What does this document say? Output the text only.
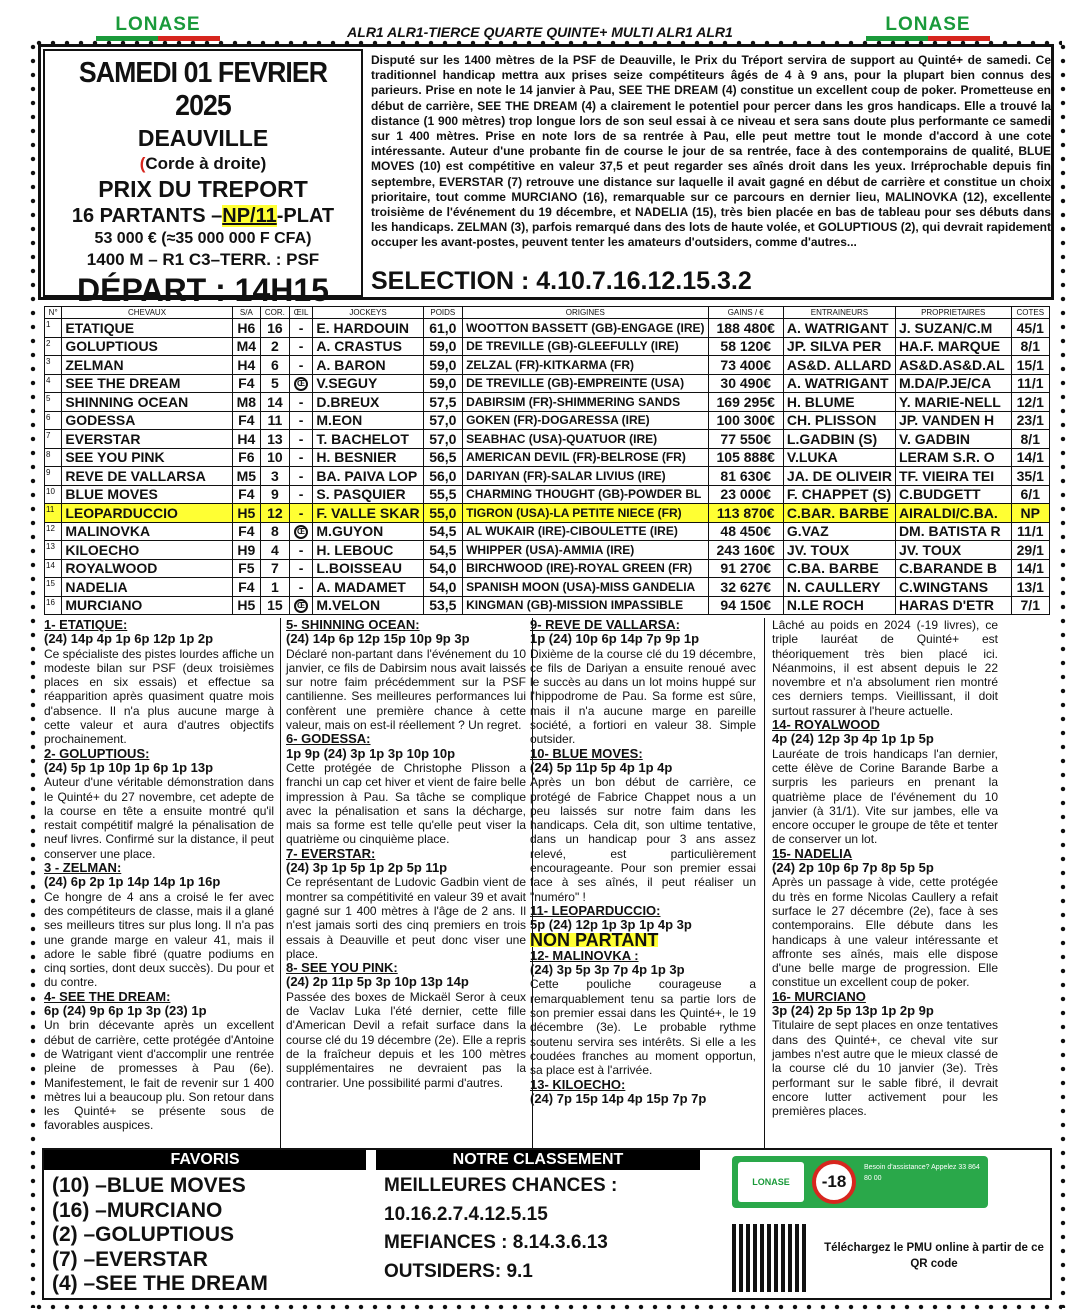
LONASE	LONASE
ALR1 ALR1-TIERCE QUARTE QUINTE+ MULTI ALR1 ALR1
SAMEDI 01 FEVRIER 2025
DEAUVILLE
(Corde à droite)
PRIX DU TREPORT
16 PARTANTS –NP/11-PLAT
53 000 € (≈35 000 000 F CFA)
1400 M – R1 C3–TERR. : PSF
DÉPART : 14H15
Disputé sur les 1400 mètres de la PSF de Deauville, le Prix du Tréport servira de support au Quinté+ de samedi. Ce traditionnel handicap mettra aux prises seize compétiteurs âgés de 4 à 9 ans, pour la plupart bien connus des parieurs. Prise en note le 14 janvier à Pau, SEE THE DREAM (4) constitue un excellent coup de poker. Prometteuse en début de carrière, SEE THE DREAM (4) a clairement le potentiel pour percer dans les gros handicaps. Elle a trouvé la distance (1 900 mètres) trop longue lors de son seul essai à ce niveau et sera sans doute plus performante ce samedi sur 1 400 mètres. Prise en note lors de sa rentrée à Pau, elle peut mettre tout le monde d'accord à une cote intéressante. Auteur d'une probante fin de course le jour de sa rentrée, face à des contemporains de qualité, BLUE MOVES (10) est compétitive en valeur 37,5 et peut regarder ses aînés droit dans les yeux. Irréprochable depuis fin septembre, EVERSTAR (7) retrouve une distance sur laquelle il avait gagné en début de carrière et constitue un choix prioritaire, tout comme MURCIANO (16), remarquable sur ce parcours en dernier lieu, MALINOVKA (12), excellente troisième de l'événement du 19 décembre, et NADELIA (15), très bien placée en bas de tableau pour ses débuts dans les handicaps. ZELMAN (3), parfois remarqué dans des lots de haute volée, et GOLUPTIOUS (2), qui devrait rapidement occuper les avant-postes, peuvent tenter les amateurs d'outsiders, comme d'autres...
SELECTION : 4.10.7.16.12.15.3.2
N°	CHEVAUX	S/A	COR.	ŒIL	JOCKEYS	POIDS	ORIGINES	GAINS / €	ENTRAINEURS	PROPRIETAIRES	COTES
1	ETATIQUE	H6	16	-	E. HARDOUIN	61,0	WOOTTON BASSETT (GB)-ENGAGE (IRE)	188 480€	A. WATRIGANT	J. SUZAN/C.M	45/1
2	GOLUPTIOUS	M4	2	-	A. CRASTUS	59,0	DE TREVILLE (GB)-GLEEFULLY (IRE)	58 120€	JP. SILVA PER	HA.F. MARQUE	8/1
3	ZELMAN	H4	6	-	A. BARON	59,0	ZELZAL (FR)-KITKARMA (FR)	73 400€	AS&D. ALLARD	AS&D.AS&D.AL	15/1
4	SEE THE DREAM	F4	5	Œ	V.SEGUY	59,0	DE TREVILLE (GB)-EMPREINTE (USA)	30 490€	A. WATRIGANT	M.DA/P.JE/CA	11/1
5	SHINNING OCEAN	M8	14	-	D.BREUX	57,5	DABIRSIM (FR)-SHIMMERING SANDS	169 295€	H. BLUME	Y. MARIE-NELL	12/1
6	GODESSA	F4	11	-	M.EON	57,0	GOKEN (FR)-DOGARESSA (IRE)	100 300€	CH. PLISSON	JP. VANDEN H	23/1
7	EVERSTAR	H4	13	-	T. BACHELOT	57,0	SEABHAC (USA)-QUATUOR (IRE)	77 550€	L.GADBIN (S)	V. GADBIN	8/1
8	SEE YOU PINK	F6	10	-	H. BESNIER	56,5	AMERICAN DEVIL (FR)-BELROSE (FR)	105 888€	V.LUKA	LERAM S.R. O	14/1
9	REVE DE VALLARSA	M5	3	-	BA. PAIVA LOP	56,0	DARIYAN (FR)-SALAR LIVIUS (IRE)	81 630€	JA. DE OLIVEIR	TF. VIEIRA TEI	35/1
10	BLUE MOVES	F4	9	-	S. PASQUIER	55,5	CHARMING THOUGHT (GB)-POWDER BL	23 000€	F. CHAPPET (S)	C.BUDGETT	6/1
11	LEOPARDUCCIO	H5	12	-	F. VALLE SKAR	55,0	TIGRON (USA)-LA PETITE NIECE (FR)	113 870€	C.BAR. BARBE	AIRALDI/C.BA.	NP
12	MALINOVKA	F4	8	Œ	M.GUYON	54,5	AL WUKAIR (IRE)-CIBOULETTE (IRE)	48 450€	G.VAZ	DM. BATISTA R	11/1
13	KILOECHO	H9	4	-	H. LEBOUC	54,5	WHIPPER (USA)-AMMIA (IRE)	243 160€	JV. TOUX	JV. TOUX	29/1
14	ROYALWOOD	F5	7	-	L.BOISSEAU	54,0	BIRCHWOOD (IRE)-ROYAL GREEN (FR)	91 270€	C.BA. BARBE	C.BARANDE B	14/1
15	NADELIA	F4	1	-	A. MADAMET	54,0	SPANISH MOON (USA)-MISS GANDELIA	32 627€	N. CAULLERY	C.WINGTANS	13/1
16	MURCIANO	H5	15	Œ	M.VELON	53,5	KINGMAN (GB)-MISSION IMPASSIBLE	94 150€	N.LE ROCH	HARAS D'ETR	7/1
1- ETATIQUE:
(24) 14p 4p 1p 6p 12p 1p 2p

Ce spécialiste des pistes lourdes affiche un modeste bilan sur PSF (deux troisièmes places en six essais) et effectue sa réapparition après quasiment quatre mois d'absence. Il n'a plus aucune marge à cette valeur et aura d'autres objectifs prochainement.

2- GOLUPTIOUS:
(24) 5p 1p 10p 1p 6p 1p 13p

Auteur d'une véritable démonstration dans le Quinté+ du 27 novembre, cet adepte de la course en tête a ensuite montré qu'il restait compétitif malgré la pénalisation de neuf livres. Confirmé sur la distance, il peut conserver une place.

3 - ZELMAN:
(24) 6p 2p 1p 14p 14p 1p 16p

Ce hongre de 4 ans a croisé le fer avec des compétiteurs de classe, mais il a glané ses meilleurs titres sur plus long. Il n'a pas une grande marge en valeur 41, mais il adore le sable fibré (quatre podiums en cinq sorties, dont deux succès). Du pour et du contre.

4- SEE THE DREAM:
6p (24) 9p 6p 1p 3p (23) 1p

Un brin décevante après un excellent début de carrière, cette protégée d'Antoine de Watrigant vient d'accomplir une rentrée pleine de promesses à Pau (6e). Manifestement, le fait de revenir sur 1 400 mètres lui a beaucoup plu. Son retour dans les Quinté+ se présente sous de favorables auspices.

5- SHINNING OCEAN:
(24) 14p 6p 12p 15p 10p 9p 3p

Déclaré non-partant dans l'événement du 10 janvier, ce fils de Dabirsim nous avait laissés sur notre faim précédemment sur la PSF cantilienne. Ses meilleures performances lui confèrent une première chance à cette valeur, mais on est-il réellement ? Un regret.

6- GODESSA:
1p 9p (24) 3p 1p 3p 10p 10p

Cette protégée de Christophe Plisson a franchi un cap cet hiver et vient de faire belle impression à Pau. Sa tâche se complique avec la pénalisation et sans la décharge, mais sa forme est telle qu'elle peut viser la quatrième ou cinquième place.

7- EVERSTAR:
(24) 3p 1p 5p 1p 2p 5p 11p

Ce représentant de Ludovic Gadbin vient de montrer sa compétitivité en valeur 39 et avait gagné sur 1 400 mètres à l'âge de 2 ans. Il n'est jamais sorti des cinq premiers en trois essais à Deauville et peut donc viser une place.

8- SEE YOU PINK:
(24) 2p 11p 5p 3p 10p 13p 14p

Passée des boxes de Mickaël Seror à ceux de Vaclav Luka l'été dernier, cette fille d'American Devil a refait surface dans la course clé du 19 décembre (2e). Elle a repris de la fraîcheur depuis et les 100 mètres supplémentaires ne devraient pas la contrarier. Une possibilité parmi d'autres.

9- REVE DE VALLARSA:
1p (24) 10p 6p 14p 7p 9p 1p

Dixième de la course clé du 19 décembre, ce fils de Dariyan a ensuite renoué avec le succès au dans un lot moins huppé sur l'hippodrome de Pau. Sa forme est sûre, mais il n'a aucune marge en pareille société, a fortiori en valeur 38. Simple outsider.

10- BLUE MOVES:
(24) 5p 11p 5p 4p 1p 4p

Après un bon début de carrière, ce protégé de Fabrice Chappet nous a un peu laissés sur notre faim dans les handicaps. Cela dit, son ultime tentative, dans un handicap pour 3 ans assez relevé, est particulièrement encourageante. Pour son premier essai face à ses aînés, il peut réaliser un "numéro" !

11- LEOPARDUCCIO:
5p (24) 12p 1p 3p 1p 4p 3p
NON PARTANT
12- MALINOVKA :
(24) 3p 5p 3p 7p 4p 1p 3p

Cette pouliche courageuse a remarquablement tenu sa partie lors de son premier essai dans les Quinté+, le 19 décembre (3e). Le probable rythme soutenu servira ses intérêts. Si elle a les coudées franches au moment opportun, sa place est à l'arrivée.

13- KILOECHO:
(24) 7p 15p 14p 4p 15p 7p 7p

Lâché au poids en 2024 (-19 livres), ce triple lauréat de Quinté+ est théoriquement très bien placé ici. Néanmoins, il est absent depuis le 22 novembre et n'a absolument rien montré ces derniers temps. Vieillissant, il doit surtout rassurer à l'heure actuelle.

14- ROYALWOOD
4p (24) 12p 3p 4p 1p 1p 5p

Lauréate de trois handicaps l'an dernier, cette élève de Corine Barande Barbe a surpris les parieurs en prenant la quatrième place de l'événement du 10 janvier (à 31/1). Vite sur jambes, elle va encore occuper le groupe de tête et tenter de conserver un lot.

15- NADELIA
(24) 2p 10p 6p 7p 8p 5p 5p

Après un passage à vide, cette protégée du très en forme Nicolas Caullery a refait surface le 27 décembre (2e), face à ses contemporains. Elle débute dans les handicaps à une valeur intéressante et affronte ses aînés, mais elle dispose d'une belle marge de progression. Elle constitue un excellent coup de poker.

16- MURCIANO
3p (24) 2p 5p 13p 1p 2p 9p

Titulaire de sept places en onze tentatives dans des Quinté+, ce cheval vite sur jambes n'est autre que le mieux classé de la course clé du 10 janvier (3e). Très performant sur le sable fibré, il devrait encore lutter activement pour les premières places.

FAVORIS	NOTRE CLASSEMENT
(10) –BLUE MOVES
(16) –MURCIANO
(2) –GOLUPTIOUS
(7) –EVERSTAR
(4) –SEE THE DREAM
MEILLEURES CHANCES :
10.16.2.7.4.12.5.15
MEFIANCES : 8.14.3.6.13
OUTSIDERS: 9.1
LONASE	-18
Besoin d'assistance? Appelez 33 864 80 00
Téléchargez le PMU online à partir de ce QR code
